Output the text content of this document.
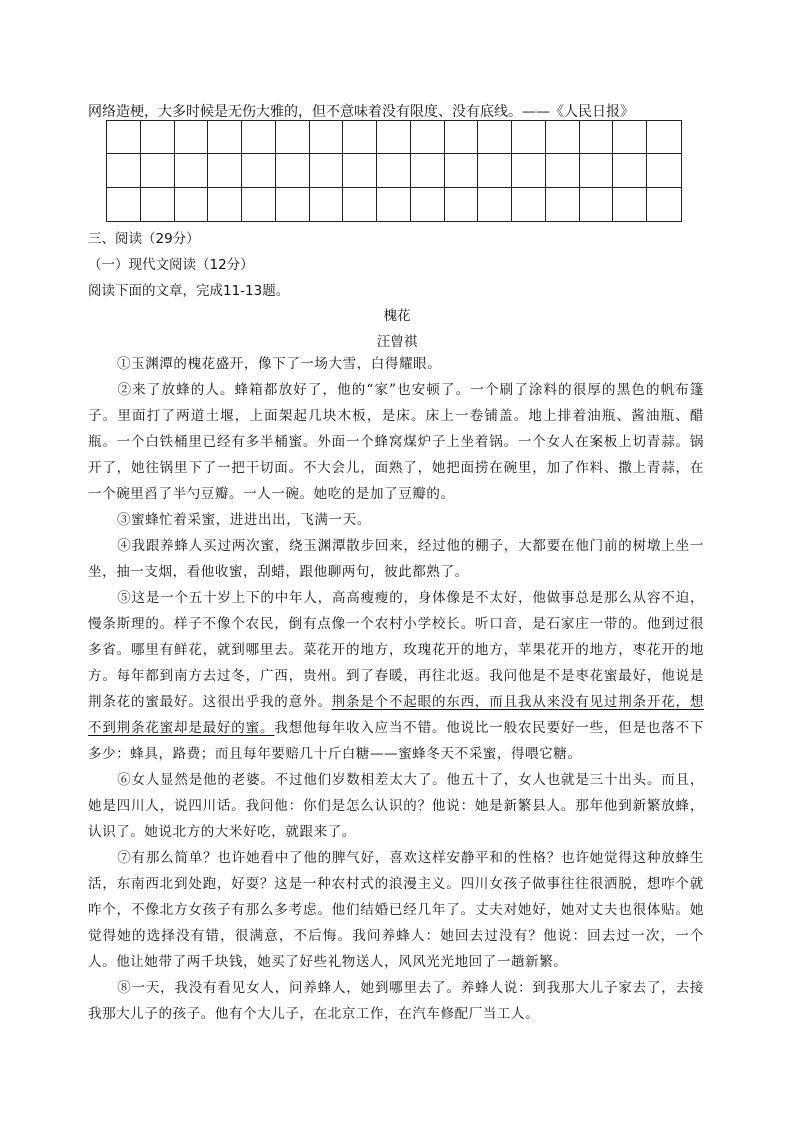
网络造梗，大多时候是无伤大雅的，但不意味着没有限度、没有底线。——《人民日报》
三、阅读（29分）
（一）现代文阅读（12分）
阅读下面的文章，完成11-13题。
槐花
汪曾祺
①玉渊潭的槐花盛开，像下了一场大雪，白得耀眼。
②来了放蜂的人。蜂箱都放好了，他的“家”也安顿了。一个刷了涂料的很厚的黑色的帆布篷子。里面打了两道土堰，上面架起几块木板，是床。床上一卷铺盖。地上排着油瓶、酱油瓶、醋瓶。一个白铁桶里已经有多半桶蜜。外面一个蜂窝煤炉子上坐着锅。一个女人在案板上切青蒜。锅开了，她往锅里下了一把干切面。不大会儿，面熟了，她把面捞在碗里，加了作料、撒上青蒜，在一个碗里舀了半勺豆瓣。一人一碗。她吃的是加了豆瓣的。
③蜜蜂忙着采蜜，进进出出，飞满一天。
④我跟养蜂人买过两次蜜，绕玉渊潭散步回来，经过他的棚子，大都要在他门前的树墩上坐一坐，抽一支烟，看他收蜜，刮蜡，跟他聊两句，彼此都熟了。
⑤这是一个五十岁上下的中年人，高高瘦瘦的，身体像是不太好，他做事总是那么从容不迫，慢条斯理的。样子不像个农民，倒有点像一个农村小学校长。听口音，是石家庄一带的。他到过很多省。哪里有鲜花，就到哪里去。菜花开的地方，玫瑰花开的地方，苹果花开的地方，枣花开的地方。每年都到南方去过冬，广西，贵州。到了春暖，再往北返。我问他是不是枣花蜜最好，他说是荆条花的蜜最好。这很出乎我的意外。荆条是个不起眼的东西，而且我从来没有见过荆条开花，想不到荆条花蜜却是最好的蜜。我想他每年收入应当不错。他说比一般农民要好一些，但是也落不下多少：蜂具，路费；而且每年要赔几十斤白糖——蜜蜂冬天不采蜜，得喂它糖。
⑥女人显然是他的老婆。不过他们岁数相差太大了。他五十了，女人也就是三十出头。而且，她是四川人，说四川话。我问他：你们是怎么认识的？他说：她是新繁县人。那年他到新繁放蜂，认识了。她说北方的大米好吃，就跟来了。
⑦有那么简单？也许她看中了他的脾气好，喜欢这样安静平和的性格？也许她觉得这种放蜂生活，东南西北到处跑，好耍？这是一种农村式的浪漫主义。四川女孩子做事往往很洒脱，想咋个就咋个，不像北方女孩子有那么多考虑。他们结婚已经几年了。丈夫对她好，她对丈夫也很体贴。她觉得她的选择没有错，很满意，不后悔。我问养蜂人：她回去过没有？他说：回去过一次，一个人。他让她带了两千块钱，她买了好些礼物送人，风风光光地回了一趟新繁。
⑧一天，我没有看见女人，问养蜂人，她到哪里去了。养蜂人说：到我那大儿子家去了，去接我那大儿子的孩子。他有个大儿子，在北京工作，在汽车修配厂当工人。
